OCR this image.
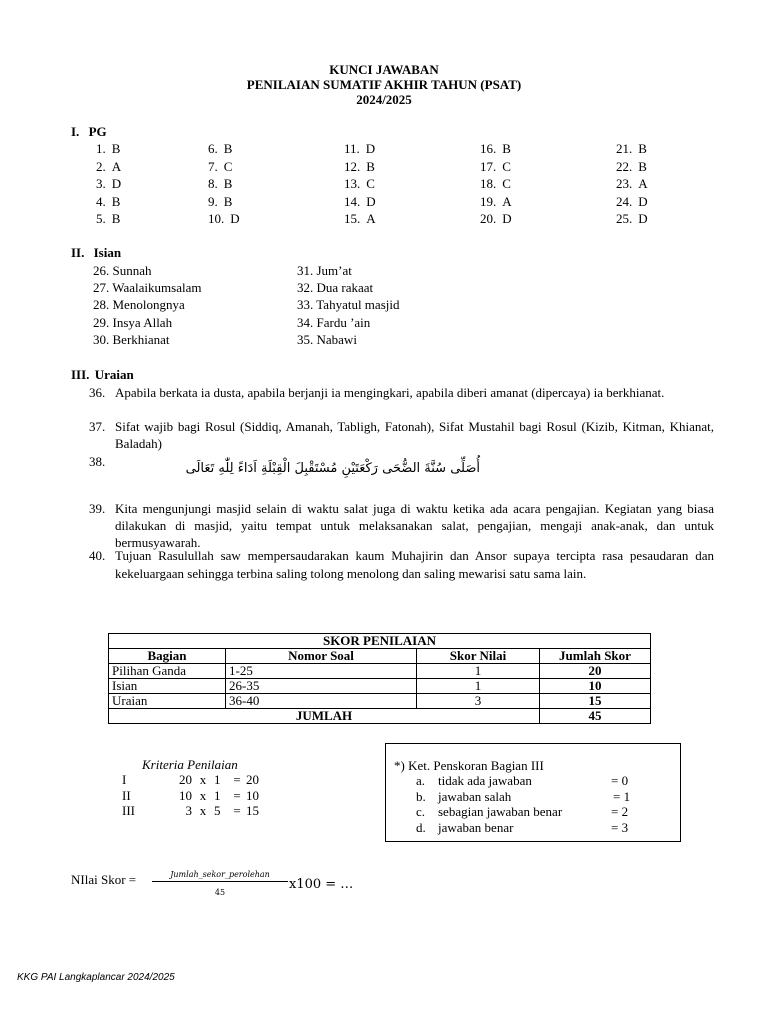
KUNCI JAWABAN
PENILAIAN SUMATIF AKHIR TAHUN (PSAT)
2024/2025
I. PG
1. B
2. A
3. D
4. B
5. B
6. B
7. C
8. B
9. B
10. D
11. D
12. B
13. C
14. D
15. A
16. B
17. C
18. C
19. A
20. D
21. B
22. B
23. A
24. D
25. D
II. Isian
26. Sunnah
27. Waalaikumsalam
28. Menolongnya
29. Insya Allah
30. Berkhianat
31. Jum’at
32. Dua rakaat
33. Tahyatul masjid
34. Fardu ’ain
35. Nabawi
III. Uraian
36. Apabila berkata ia dusta, apabila berjanji ia mengingkari, apabila diberi amanat (dipercaya) ia berkhianat.
37. Sifat wajib bagi Rosul (Siddiq, Amanah, Tabligh, Fatonah), Sifat Mustahil bagi Rosul (Kizib, Kitman, Khianat, Baladah)
38.	أُصَلِّى سُنَّةَ الضُّحَى رَكْعَتَيْنِ مُسْتَقْبِلَ الْقِبْلَةِ اَدَاءً لِلّٰهِ تَعَالَى
39. Kita mengunjungi masjid selain di waktu salat juga di waktu ketika ada acara pengajian. Kegiatan yang biasa dilakukan di masjid, yaitu tempat untuk melaksanakan salat, pengajian, mengaji anak-anak, dan untuk bermusyawarah.
40. Tujuan Rasulullah saw mempersaudarakan kaum Muhajirin dan Ansor supaya tercipta rasa pesaudaran dan kekeluargaan sehingga terbina saling tolong menolong dan saling mewarisi satu sama lain.
SKOR PENILAIAN			
Bagian	Nomor Soal	Skor Nilai	Jumlah Skor
Pilihan Ganda	1-25	1	20
Isian	26-35	1	10
Uraian	36-40	3	15
JUMLAH			45
Kriteria Penilaian
I	20 x 1 = 20
II	10 x 1 = 10
III	3 x 5 = 15
*) Ket. Penskoran Bagian III
a. tidak ada jawaban	= 0
b. jawaban salah	= 1
c. sebagian jawaban benar	= 2
d. jawaban benar	= 3
NIlai Skor =	Jumlah_sekor_perolehan
45
x100 = …
KKG PAI Langkaplancar 2024/2025
